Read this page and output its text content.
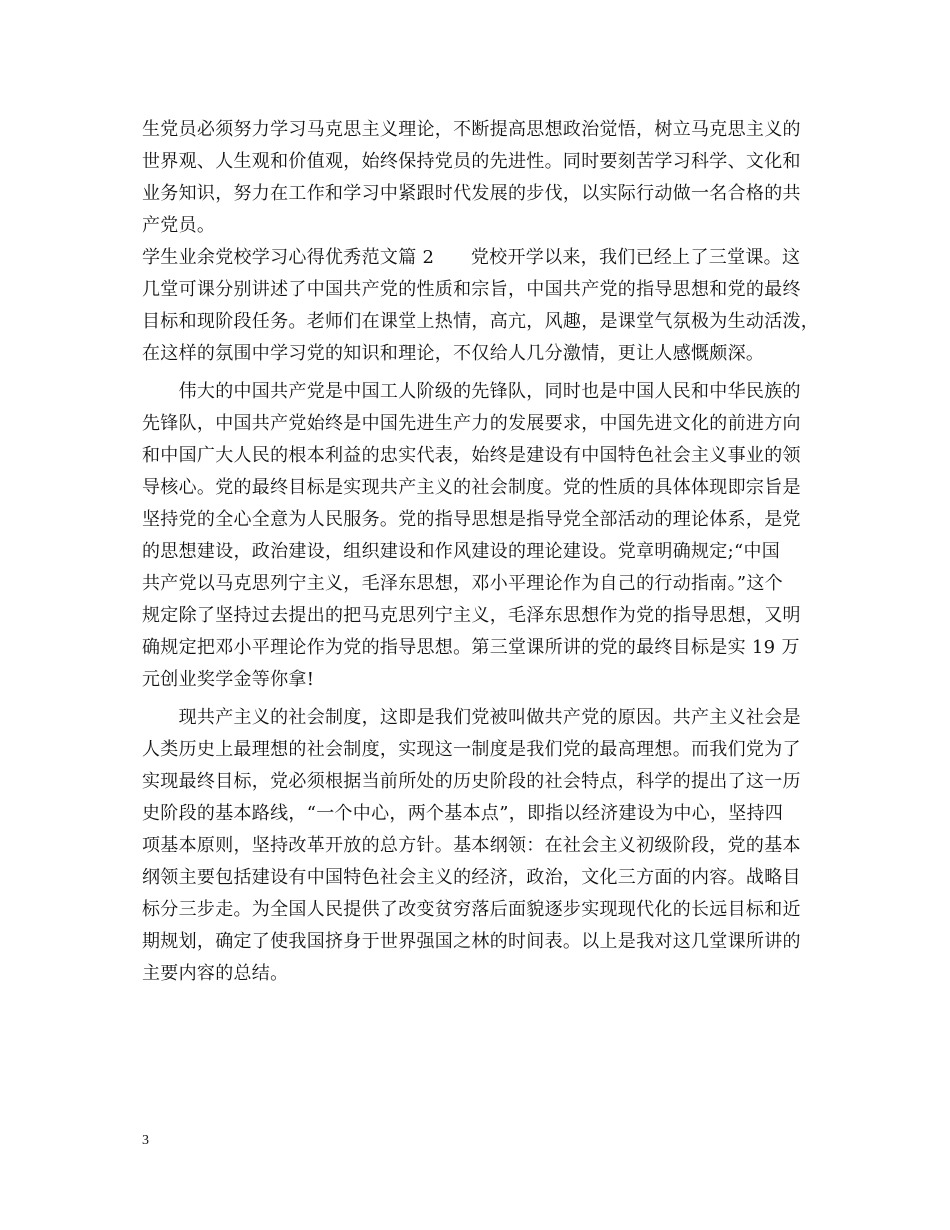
生党员必须努力学习马克思主义理论，不断提高思想政治觉悟，树立马克思主义的
世界观、人生观和价值观，始终保持党员的先进性。同时要刻苦学习科学、文化和
业务知识，努力在工作和学习中紧跟时代发展的步伐，以实际行动做一名合格的共
产党员。
学生业余党校学习心得优秀范文篇 2　　党校开学以来，我们已经上了三堂课。这
几堂可课分别讲述了中国共产党的性质和宗旨，中国共产党的指导思想和党的最终
目标和现阶段任务。老师们在课堂上热情，高亢，风趣，是课堂气氛极为生动活泼，
在这样的氛围中学习党的知识和理论，不仅给人几分激情，更让人感慨颇深。
　　伟大的中国共产党是中国工人阶级的先锋队，同时也是中国人民和中华民族的
先锋队，中国共产党始终是中国先进生产力的发展要求，中国先进文化的前进方向
和中国广大人民的根本利益的忠实代表，始终是建设有中国特色社会主义事业的领
导核心。党的最终目标是实现共产主义的社会制度。党的性质的具体体现即宗旨是
坚持党的全心全意为人民服务。党的指导思想是指导党全部活动的理论体系，是党
的思想建设，政治建设，组织建设和作风建设的理论建设。党章明确规定;“中国
共产党以马克思列宁主义，毛泽东思想，邓小平理论作为自己的行动指南。”这个
规定除了坚持过去提出的把马克思列宁主义，毛泽东思想作为党的指导思想，又明
确规定把邓小平理论作为党的指导思想。第三堂课所讲的党的最终目标是实 19 万
元创业奖学金等你拿!
　　现共产主义的社会制度，这即是我们党被叫做共产党的原因。共产主义社会是
人类历史上最理想的社会制度，实现这一制度是我们党的最高理想。而我们党为了
实现最终目标，党必须根据当前所处的历史阶段的社会特点，科学的提出了这一历
史阶段的基本路线，“一个中心，两个基本点”，即指以经济建设为中心，坚持四
项基本原则，坚持改革开放的总方针。基本纲领：在社会主义初级阶段，党的基本
纲领主要包括建设有中国特色社会主义的经济，政治，文化三方面的内容。战略目
标分三步走。为全国人民提供了改变贫穷落后面貌逐步实现现代化的长远目标和近
期规划，确定了使我国挤身于世界强国之林的时间表。以上是我对这几堂课所讲的
主要内容的总结。
3
